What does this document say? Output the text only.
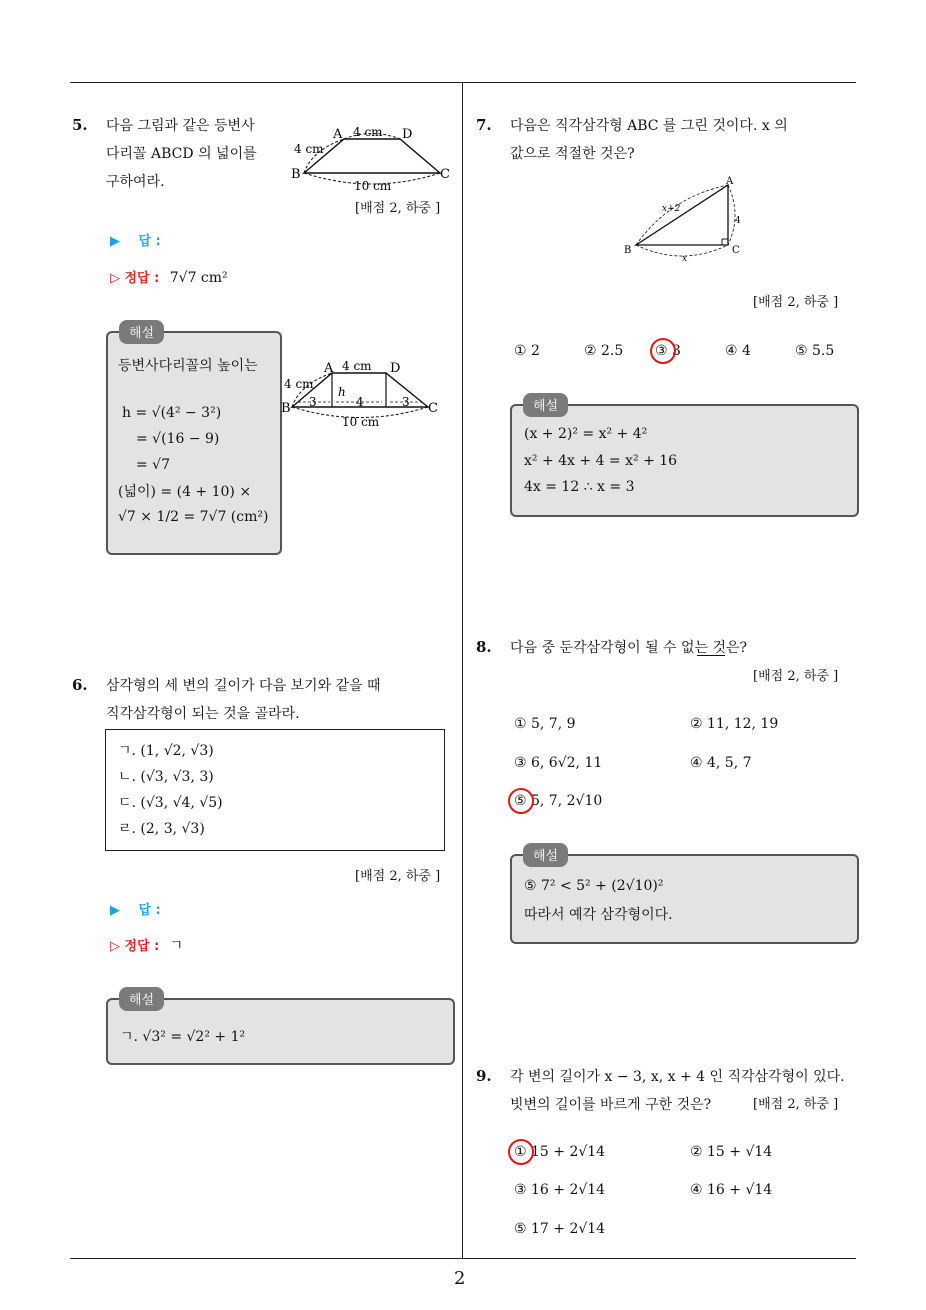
2
5. 다음 그림과 같은 등변사
다리꼴 ABCD 의 넓이를
구하여라.
A	D
B	C
4 cm
4 cm
10 cm
[배점 2, 하중 ]
▶ 답 :
▷ 정답 : 7√7 cm²
등변사다리꼴의 높이는
h = √(4² − 3²)
= √(16 − 9)
= √7
(넓이) = (4 + 10) ×
√7 × 1/2 = 7√7 (cm²)
해설
A	D
B	C
4 cm
4 cm
h
3	4	3
10 cm
6. 삼각형의 세 변의 길이가 다음 보기와 같을 때
직각삼각형이 되는 것을 골라라.
ㄱ. (1, √2, √3)
ㄴ. (√3, √3, 3)
ㄷ. (√3, √4, √5)
ㄹ. (2, 3, √3)
[배점 2, 하중 ]
▶ 답 :
▷ 정답 : ㄱ
ㄱ. √3² = √2² + 1²
해설
7. 다음은 직각삼각형 ABC 를 그린 것이다. x 의
값으로 적절한 것은?
A
B	C
x+2
4
x
[배점 2, 하중 ]
① 2	② 2.5 ③ 3	④ 4	⑤ 5.5
(x + 2)² = x² + 4²
x² + 4x + 4 = x² + 16
4x = 12 ∴ x = 3
해설
8. 다음 중 둔각삼각형이 될 수 없는 것은?
[배점 2, 하중 ]
① 5, 7, 9	② 11, 12, 19
③ 6, 6√2, 11	④ 4, 5, 7
⑤ 5, 7, 2√10
⑤ 7² < 5² + (2√10)²
따라서 예각 삼각형이다.
해설
9. 각 변의 길이가 x − 3, x, x + 4 인 직각삼각형이 있다.
빗변의 길이를 바르게 구한 것은?	[배점 2, 하중 ]
① 15 + 2√14	② 15 + √14
③ 16 + 2√14	④ 16 + √14
⑤ 17 + 2√14
